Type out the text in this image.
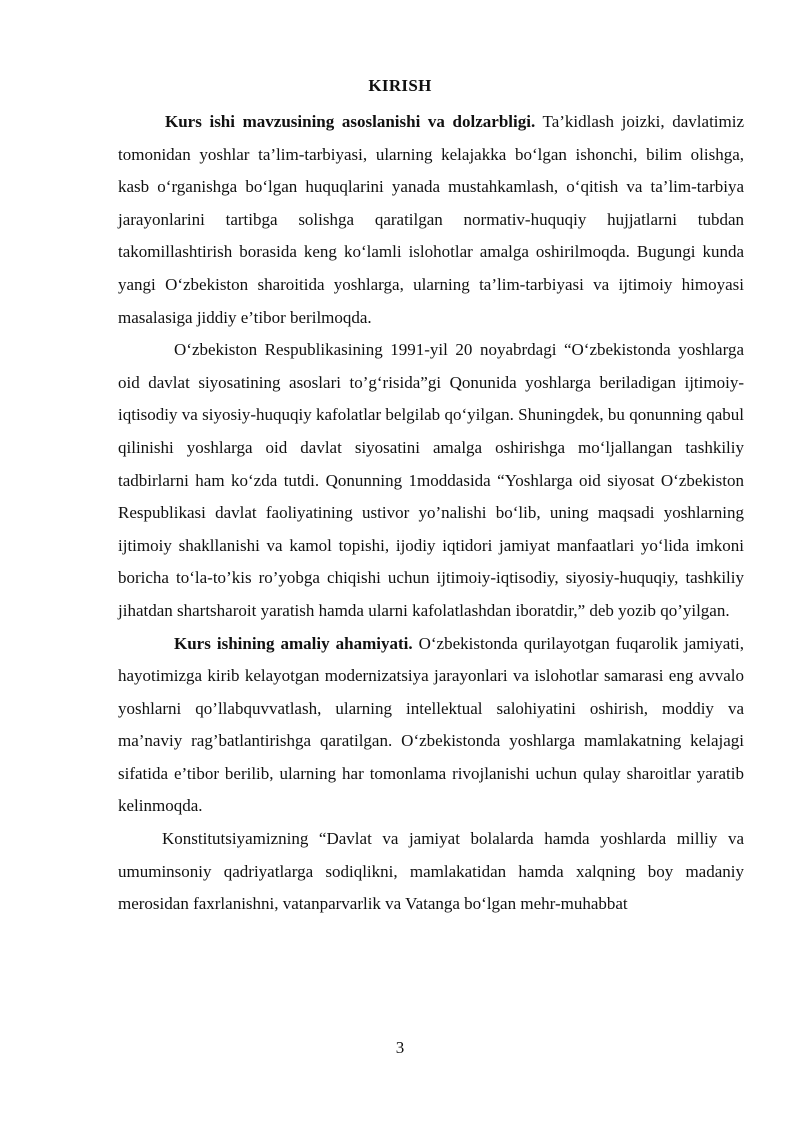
KIRISH

Kurs ishi mavzusining asoslanishi va dolzarbligi. Ta’kidlash joizki, davlatimiz tomonidan yoshlar ta’lim-tarbiyasi, ularning kelajakka bo‘lgan ishonchi, bilim olishga, kasb o‘rganishga bo‘lgan huquqlarini yanada mustahkamlash, o‘qitish va ta’lim-tarbiya jarayonlarini tartibga solishga qaratilgan normativ-huquqiy hujjatlarni tubdan takomillashtirish borasida keng ko‘lamli islohotlar amalga oshirilmoqda. Bugungi kunda yangi O‘zbekiston sharoitida yoshlarga, ularning ta’lim-tarbiyasi va ijtimoiy himoyasi masalasiga jiddiy e’tibor berilmoqda.

O‘zbekiston Respublikasining 1991-yil 20 noyabrdagi “O‘zbekistonda yoshlarga oid davlat siyosatining asoslari to’g‘risida”gi Qonunida yoshlarga beriladigan ijtimoiy-iqtisodiy va siyosiy-huquqiy kafolatlar belgilab qo‘yilgan. Shuningdek, bu qonunning qabul qilinishi yoshlarga oid davlat siyosatini amalga oshirishga mo‘ljallangan tashkiliy tadbirlarni ham ko‘zda tutdi. Qonunning 1moddasida “Yoshlarga oid siyosat O‘zbekiston Respublikasi davlat faoliyatining ustivor yo’nalishi bo‘lib, uning maqsadi yoshlarning ijtimoiy shakllanishi va kamol topishi, ijodiy iqtidori jamiyat manfaatlari yo‘lida imkoni boricha to‘la-to’kis ro’yobga chiqishi uchun ijtimoiy-iqtisodiy, siyosiy-huquqiy, tashkiliy jihatdan shartsharoit yaratish hamda ularni kafolatlashdan iboratdir,” deb yozib qo’yilgan.

Kurs ishining amaliy ahamiyati. O‘zbekistonda qurilayotgan fuqarolik jamiyati, hayotimizga kirib kelayotgan modernizatsiya jarayonlari va islohotlar samarasi eng avvalo yoshlarni qo’llabquvvatlash, ularning intellektual salohiyatini oshirish, moddiy va ma’naviy rag’batlantirishga qaratilgan. O‘zbekistonda yoshlarga mamlakatning kelajagi sifatida e’tibor berilib, ularning har tomonlama rivojlanishi uchun qulay sharoitlar yaratib kelinmoqda.

Konstitutsiyamizning “Davlat va jamiyat bolalarda hamda yoshlarda milliy va umuminsoniy qadriyatlarga sodiqlikni, mamlakatidan hamda xalqning boy madaniy merosidan faxrlanishni, vatanparvarlik va Vatanga bo‘lgan mehr-muhabbat

3
